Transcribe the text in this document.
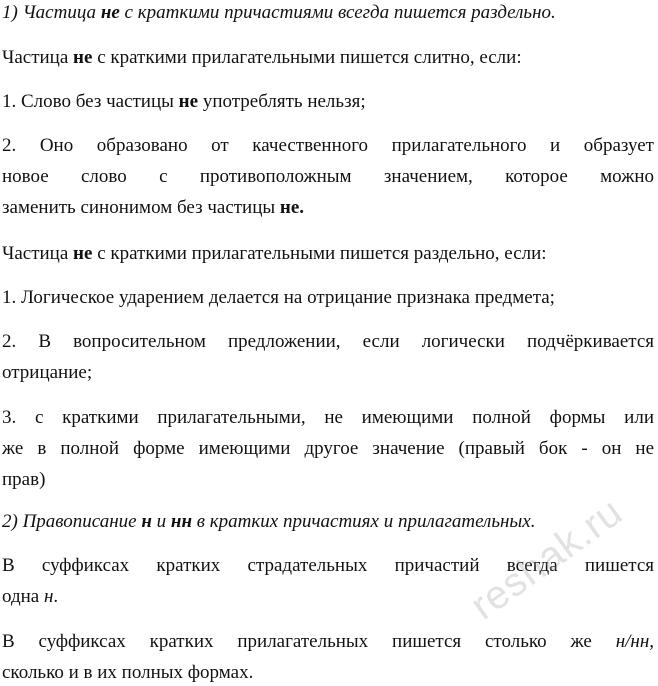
1) Частица не с краткими причастиями всегда пишется раздельно.

Частица не с краткими прилагательными пишется слитно, если:

1. Слово без частицы не употреблять нельзя;

2. Оно образовано от качественного прилагательного и образует
новое слово с противоположным значением, которое можно
заменить синонимом без частицы не.

Частица не с краткими прилагательными пишется раздельно, если:

1. Логическое ударением делается на отрицание признака предмета;

2. В вопросительном предложении, если логически подчёркивается
отрицание;
3. с краткими прилагательными, не имеющими полной формы или
же в полной форме имеющими другое значение (правый бок - он не
прав)

2) Правописание н и нн в кратких причастиях и прилагательных.

В суффиксах кратких страдательных причастий всегда пишется
одна н.
В суффиксах кратких прилагательных пишется столько же н/нн,
сколько и в их полных формах.
reshak.ru
